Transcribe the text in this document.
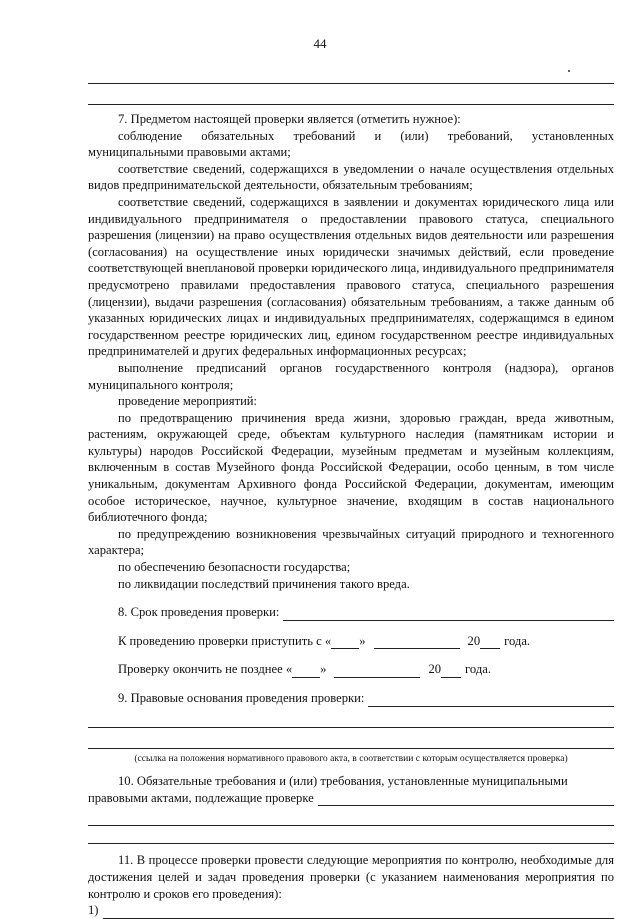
44

7. Предметом настоящей проверки является (отметить нужное):

соблюдение обязательных требований и (или) требований, установленных муниципальными правовыми актами;

соответствие сведений, содержащихся в уведомлении о начале осуществления отдельных видов предпринимательской деятельности, обязательным требованиям;

соответствие сведений, содержащихся в заявлении и документах юридического лица или индивидуального предпринимателя о предоставлении правового статуса, специального разрешения (лицензии) на право осуществления отдельных видов деятельности или разрешения (согласования) на осуществление иных юридически значимых действий, если проведение соответствующей внеплановой проверки юридического лица, индивидуального предпринимателя предусмотрено правилами предоставления правового статуса, специального разрешения (лицензии), выдачи разрешения (согласования) обязательным требованиям, а также данным об указанных юридических лицах и индивидуальных предпринимателях, содержащимся в едином государственном реестре юридических лиц, едином государственном реестре индивидуальных предпринимателей и других федеральных информационных ресурсах;

выполнение предписаний органов государственного контроля (надзора), органов муниципального контроля;

проведение мероприятий:

по предотвращению причинения вреда жизни, здоровью граждан, вреда животным, растениям, окружающей среде, объектам культурного наследия (памятникам истории и культуры) народов Российской Федерации, музейным предметам и музейным коллекциям, включенным в состав Музейного фонда Российской Федерации, особо ценным, в том числе уникальным, документам Архивного фонда Российской Федерации, документам, имеющим особое историческое, научное, культурное значение, входящим в состав национального библиотечного фонда;

по предупреждению возникновения чрезвычайных ситуаций природного и техногенного характера;

по обеспечению безопасности государства;

по ликвидации последствий причинения такого вреда.

8. Срок проведения проверки:
К проведению проверки приступить с « »	20 года.
Проверку окончить не позднее « »	20 года.
9. Правовые основания проведения проверки:
(ссылка на положения нормативного правового акта, в соответствии с которым осуществляется проверка)

10. Обязательные требования и (или) требования, установленные муниципальными

правовыми актами, подлежащие проверке

11. В процессе проверки провести следующие мероприятия по контролю, необходимые для достижения целей и задач проведения проверки (с указанием наименования мероприятия по контролю и сроков его проведения):

1)
